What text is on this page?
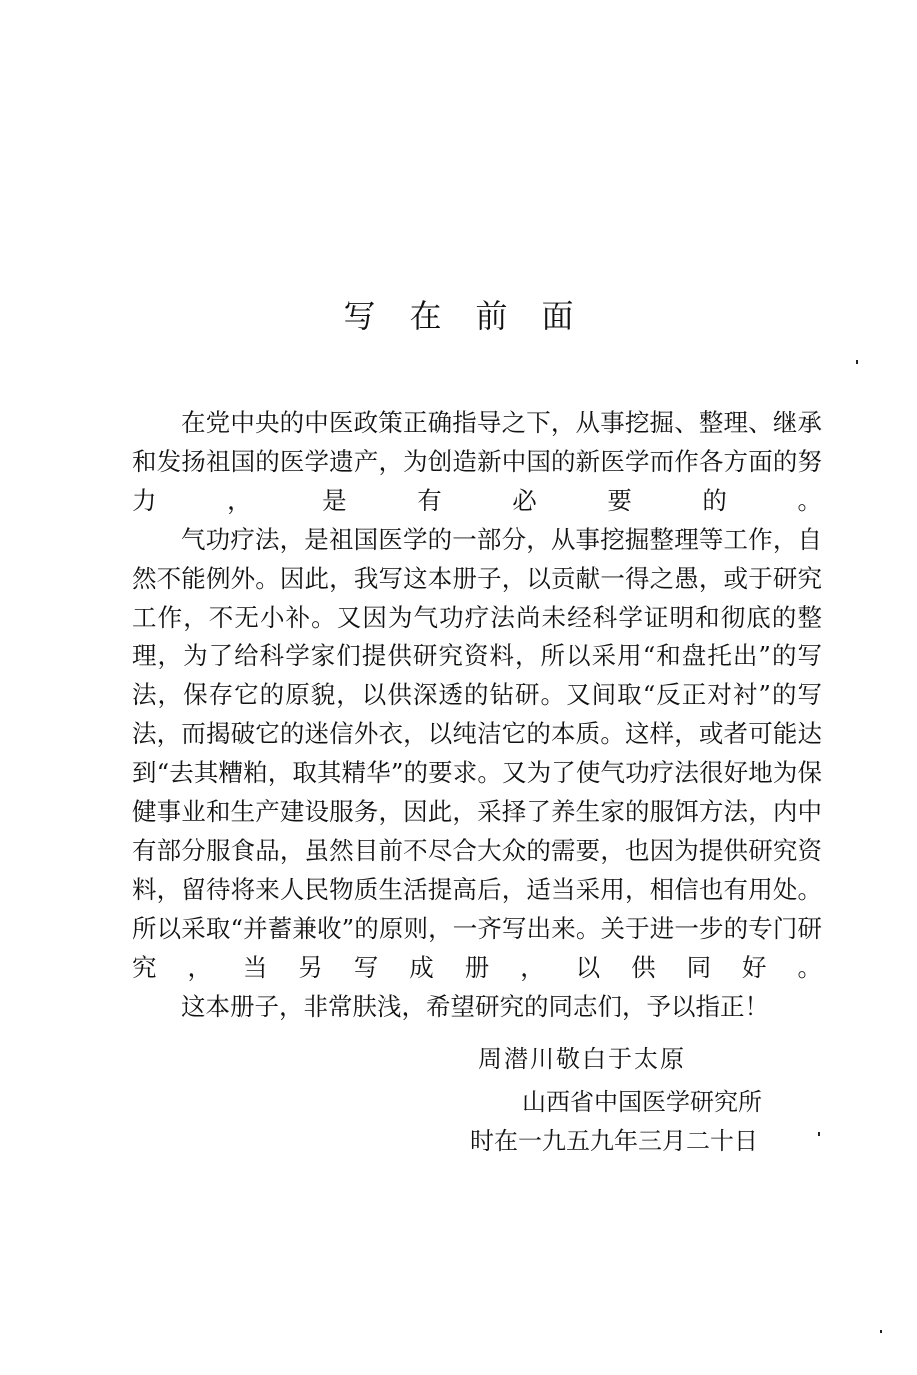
写在前面

在党中央的中医政策正确指导之下，从事挖掘、整理、继承和发扬祖国的医学遗产，为创造新中国的新医学而作各方面的努力，是有必要的。

气功疗法，是祖国医学的一部分，从事挖掘整理等工作，自然不能例外。因此，我写这本册子，以贡献一得之愚，或于研究工作，不无小补。又因为气功疗法尚未经科学证明和彻底的整理，为了给科学家们提供研究资料，所以采用“和盘托出”的写法，保存它的原貌，以供深透的钻研。又间取“反正对衬”的写法，而揭破它的迷信外衣，以纯洁它的本质。这样，或者可能达到“去其糟粕，取其精华”的要求。又为了使气功疗法很好地为保健事业和生产建设服务，因此，采择了养生家的服饵方法，内中有部分服食品，虽然目前不尽合大众的需要，也因为提供研究资料，留待将来人民物质生活提高后，适当采用，相信也有用处。所以采取“并蓄兼收”的原则，一齐写出来。关于进一步的专门研究，当另写成册，以供同好。

这本册子，非常肤浅，希望研究的同志们，予以指正！

周潜川敬白于太原
山西省中国医学研究所
时在一九五九年三月二十日
